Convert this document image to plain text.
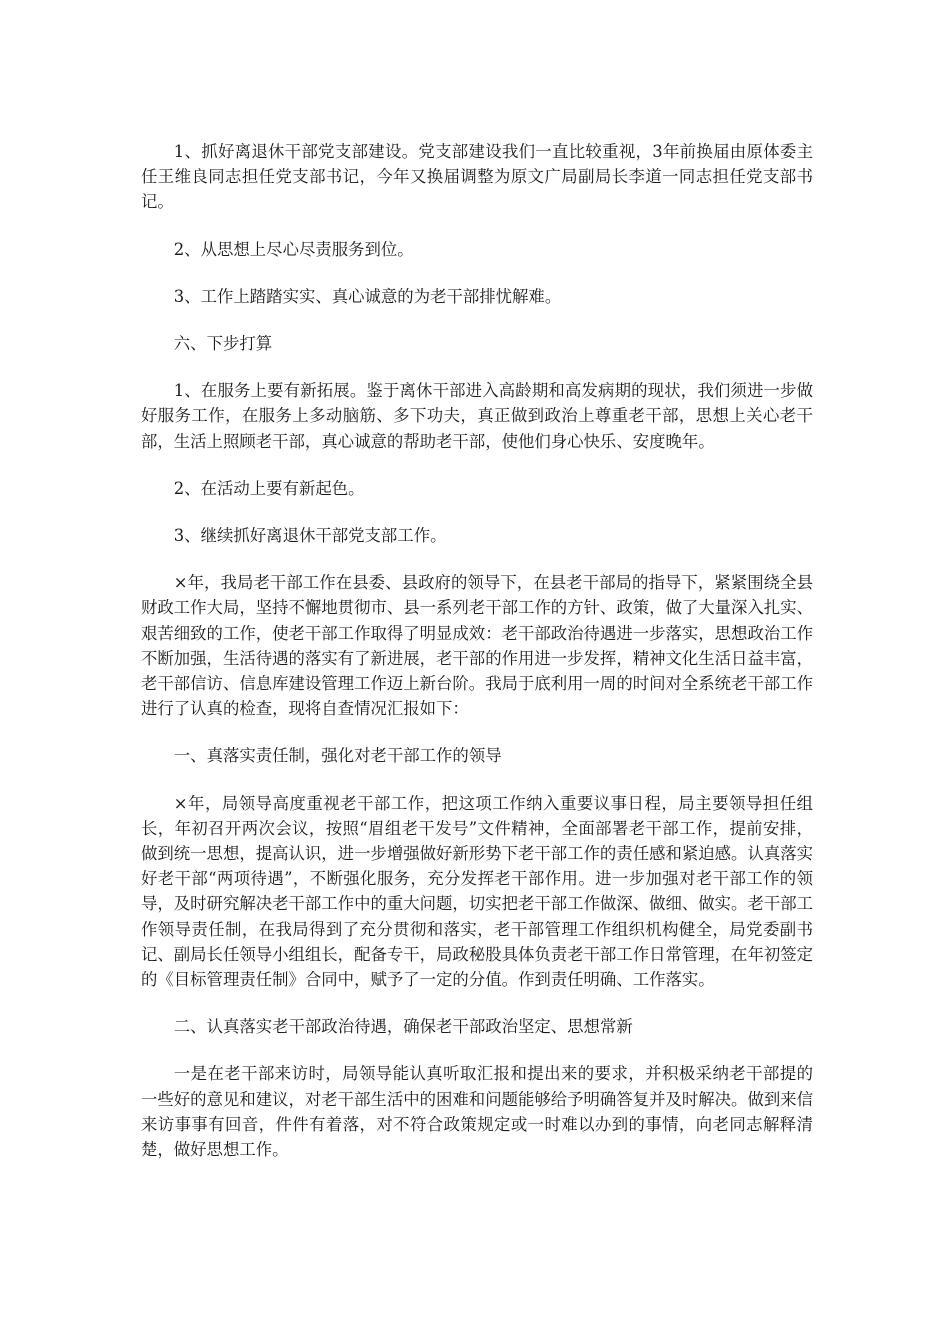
1、抓好离退休干部党支部建设。党支部建设我们一直比较重视，3年前换届由原体委主任王维良同志担任党支部书记，今年又换届调整为原文广局副局长李道一同志担任党支部书记。

2、从思想上尽心尽责服务到位。

3、工作上踏踏实实、真心诚意的为老干部排忧解难。

六、下步打算

1、在服务上要有新拓展。鉴于离休干部进入高龄期和高发病期的现状，我们须进一步做好服务工作，在服务上多动脑筋、多下功夫，真正做到政治上尊重老干部，思想上关心老干部，生活上照顾老干部，真心诚意的帮助老干部，使他们身心快乐、安度晚年。

2、在活动上要有新起色。

3、继续抓好离退休干部党支部工作。

×年，我局老干部工作在县委、县政府的领导下，在县老干部局的指导下，紧紧围绕全县财政工作大局，坚持不懈地贯彻市、县一系列老干部工作的方针、政策，做了大量深入扎实、艰苦细致的工作，使老干部工作取得了明显成效：老干部政治待遇进一步落实，思想政治工作不断加强，生活待遇的落实有了新进展，老干部的作用进一步发挥，精神文化生活日益丰富，老干部信访、信息库建设管理工作迈上新台阶。我局于底利用一周的时间对全系统老干部工作进行了认真的检查，现将自查情况汇报如下：

一、真落实责任制，强化对老干部工作的领导

×年，局领导高度重视老干部工作，把这项工作纳入重要议事日程，局主要领导担任组长，年初召开两次会议，按照“眉组老干发号”文件精神，全面部署老干部工作，提前安排，做到统一思想，提高认识，进一步增强做好新形势下老干部工作的责任感和紧迫感。认真落实好老干部“两项待遇”，不断强化服务，充分发挥老干部作用。进一步加强对老干部工作的领导，及时研究解决老干部工作中的重大问题，切实把老干部工作做深、做细、做实。老干部工作领导责任制，在我局得到了充分贯彻和落实，老干部管理工作组织机构健全，局党委副书记、副局长任领导小组组长，配备专干，局政秘股具体负责老干部工作日常管理，在年初签定的《目标管理责任制》合同中，赋予了一定的分值。作到责任明确、工作落实。

二、认真落实老干部政治待遇，确保老干部政治坚定、思想常新

一是在老干部来访时，局领导能认真听取汇报和提出来的要求，并积极采纳老干部提的一些好的意见和建议，对老干部生活中的困难和问题能够给予明确答复并及时解决。做到来信来访事事有回音，件件有着落，对不符合政策规定或一时难以办到的事情，向老同志解释清楚，做好思想工作。
